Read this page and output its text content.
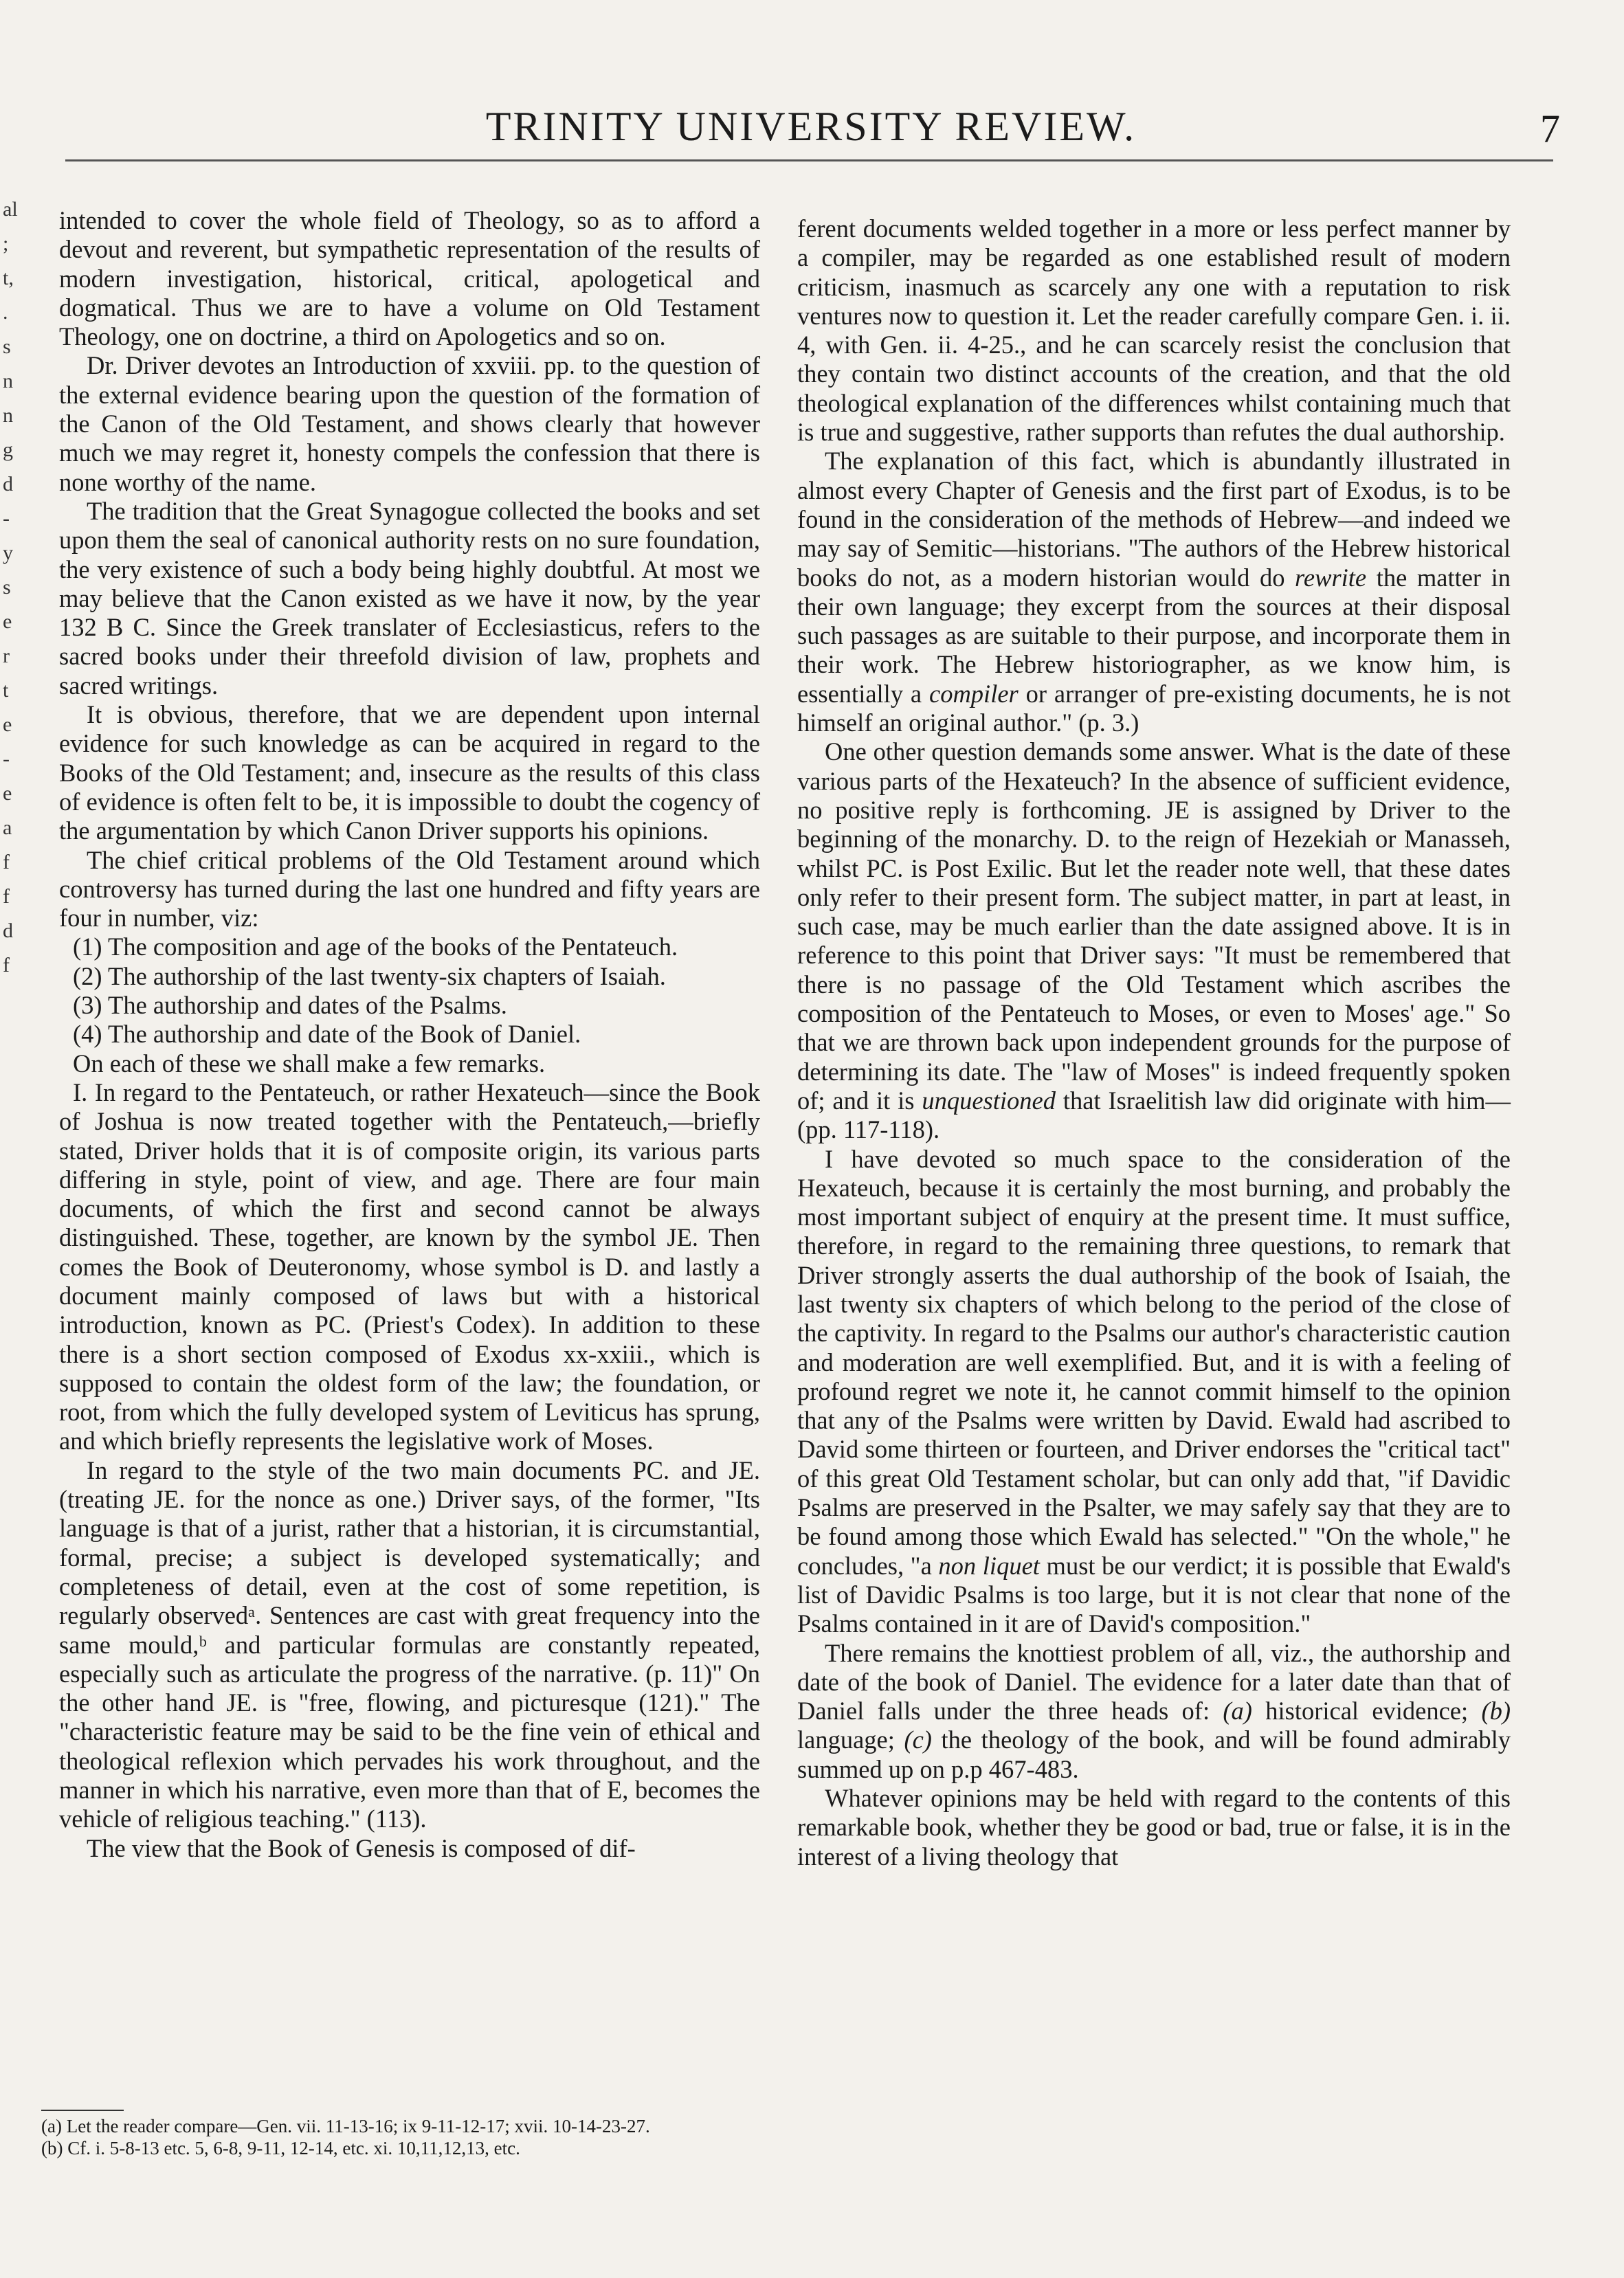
al
;
t,
.
s
n
n
g
d
-
y
s
e
r
t
e
-
e
a
f
f
d
f
TRINITY UNIVERSITY REVIEW.	7

intended to cover the whole field of Theology, so as to afford a devout and reverent, but sympathetic representation of the results of modern investigation, historical, critical, apologetical and dogmatical. Thus we are to have a volume on Old Testament Theology, one on doctrine, a third on Apologetics and so on.

Dr. Driver devotes an Introduction of xxviii. pp. to the question of the external evidence bearing upon the question of the formation of the Canon of the Old Testament, and shows clearly that however much we may regret it, honesty compels the confession that there is none worthy of the name.

The tradition that the Great Synagogue collected the books and set upon them the seal of canonical authority rests on no sure foundation, the very existence of such a body being highly doubtful. At most we may believe that the Canon existed as we have it now, by the year 132 B C. Since the Greek translater of Ecclesiasticus, refers to the sacred books under their threefold division of law, prophets and sacred writings.

It is obvious, therefore, that we are dependent upon internal evidence for such knowledge as can be acquired in regard to the Books of the Old Testament; and, insecure as the results of this class of evidence is often felt to be, it is impossible to doubt the cogency of the argumentation by which Canon Driver supports his opinions.

The chief critical problems of the Old Testament around which controversy has turned during the last one hundred and fifty years are four in number, viz:

(1) The composition and age of the books of the Pentateuch.

(2) The authorship of the last twenty-six chapters of Isaiah.

(3) The authorship and dates of the Psalms.

(4) The authorship and date of the Book of Daniel.

On each of these we shall make a few remarks.

I. In regard to the Pentateuch, or rather Hexateuch—since the Book of Joshua is now treated together with the Pentateuch,—briefly stated, Driver holds that it is of composite origin, its various parts differing in style, point of view, and age. There are four main documents, of which the first and second cannot be always distinguished. These, together, are known by the symbol JE. Then comes the Book of Deuteronomy, whose symbol is D. and lastly a document mainly composed of laws but with a historical introduction, known as PC. (Priest's Codex). In addition to these there is a short section composed of Exodus xx-xxiii., which is supposed to contain the oldest form of the law; the foundation, or root, from which the fully developed system of Leviticus has sprung, and which briefly represents the legislative work of Moses.

In regard to the style of the two main documents PC. and JE. (treating JE. for the nonce as one.) Driver says, of the former, "Its language is that of a jurist, rather that a historian, it is circumstantial, formal, precise; a subject is developed systematically; and completeness of detail, even at the cost of some repetition, is regularly observedᵃ. Sentences are cast with great frequency into the same mould,ᵇ and particular formulas are constantly repeated, especially such as articulate the progress of the narrative. (p. 11)" On the other hand JE. is "free, flowing, and picturesque (121)." The "characteristic feature may be said to be the fine vein of ethical and theological reflexion which pervades his work throughout, and the manner in which his narrative, even more than that of E, becomes the vehicle of religious teaching." (113).

The view that the Book of Genesis is composed of dif-

(a) Let the reader compare—Gen. vii. 11-13-16; ix 9-11-12-17; xvii. 10-14-23-27.
(b) Cf. i. 5-8-13 etc. 5, 6-8, 9-11, 12-14, etc. xi. 10,11,12,13, etc.

ferent documents welded together in a more or less perfect manner by a compiler, may be regarded as one established result of modern criticism, inasmuch as scarcely any one with a reputation to risk ventures now to question it. Let the reader carefully compare Gen. i. ii. 4, with Gen. ii. 4-25., and he can scarcely resist the conclusion that they contain two distinct accounts of the creation, and that the old theological explanation of the differences whilst containing much that is true and suggestive, rather supports than refutes the dual authorship.

The explanation of this fact, which is abundantly illustrated in almost every Chapter of Genesis and the first part of Exodus, is to be found in the consideration of the methods of Hebrew—and indeed we may say of Semitic—historians. "The authors of the Hebrew historical books do not, as a modern historian would do rewrite the matter in their own language; they excerpt from the sources at their disposal such passages as are suitable to their purpose, and incorporate them in their work. The Hebrew historiographer, as we know him, is essentially a compiler or arranger of pre-existing documents, he is not himself an original author." (p. 3.)

One other question demands some answer. What is the date of these various parts of the Hexateuch? In the absence of sufficient evidence, no positive reply is forthcoming. JE is assigned by Driver to the beginning of the monarchy. D. to the reign of Hezekiah or Manasseh, whilst PC. is Post Exilic. But let the reader note well, that these dates only refer to their present form. The subject matter, in part at least, in such case, may be much earlier than the date assigned above. It is in reference to this point that Driver says: "It must be remembered that there is no passage of the Old Testament which ascribes the composition of the Pentateuch to Moses, or even to Moses' age." So that we are thrown back upon independent grounds for the purpose of determining its date. The "law of Moses" is indeed frequently spoken of; and it is unquestioned that Israelitish law did originate with him—(pp. 117-118).

I have devoted so much space to the consideration of the Hexateuch, because it is certainly the most burning, and probably the most important subject of enquiry at the present time. It must suffice, therefore, in regard to the remaining three questions, to remark that Driver strongly asserts the dual authorship of the book of Isaiah, the last twenty six chapters of which belong to the period of the close of the captivity. In regard to the Psalms our author's characteristic caution and moderation are well exemplified. But, and it is with a feeling of profound regret we note it, he cannot commit himself to the opinion that any of the Psalms were written by David. Ewald had ascribed to David some thirteen or fourteen, and Driver endorses the "critical tact" of this great Old Testament scholar, but can only add that, "if Davidic Psalms are preserved in the Psalter, we may safely say that they are to be found among those which Ewald has selected." "On the whole," he concludes, "a non liquet must be our verdict; it is possible that Ewald's list of Davidic Psalms is too large, but it is not clear that none of the Psalms contained in it are of David's composition."

There remains the knottiest problem of all, viz., the authorship and date of the book of Daniel. The evidence for a later date than that of Daniel falls under the three heads of: (a) historical evidence; (b) language; (c) the theology of the book, and will be found admirably summed up on p.p 467-483.

Whatever opinions may be held with regard to the contents of this remarkable book, whether they be good or bad, true or false, it is in the interest of a living theology that
